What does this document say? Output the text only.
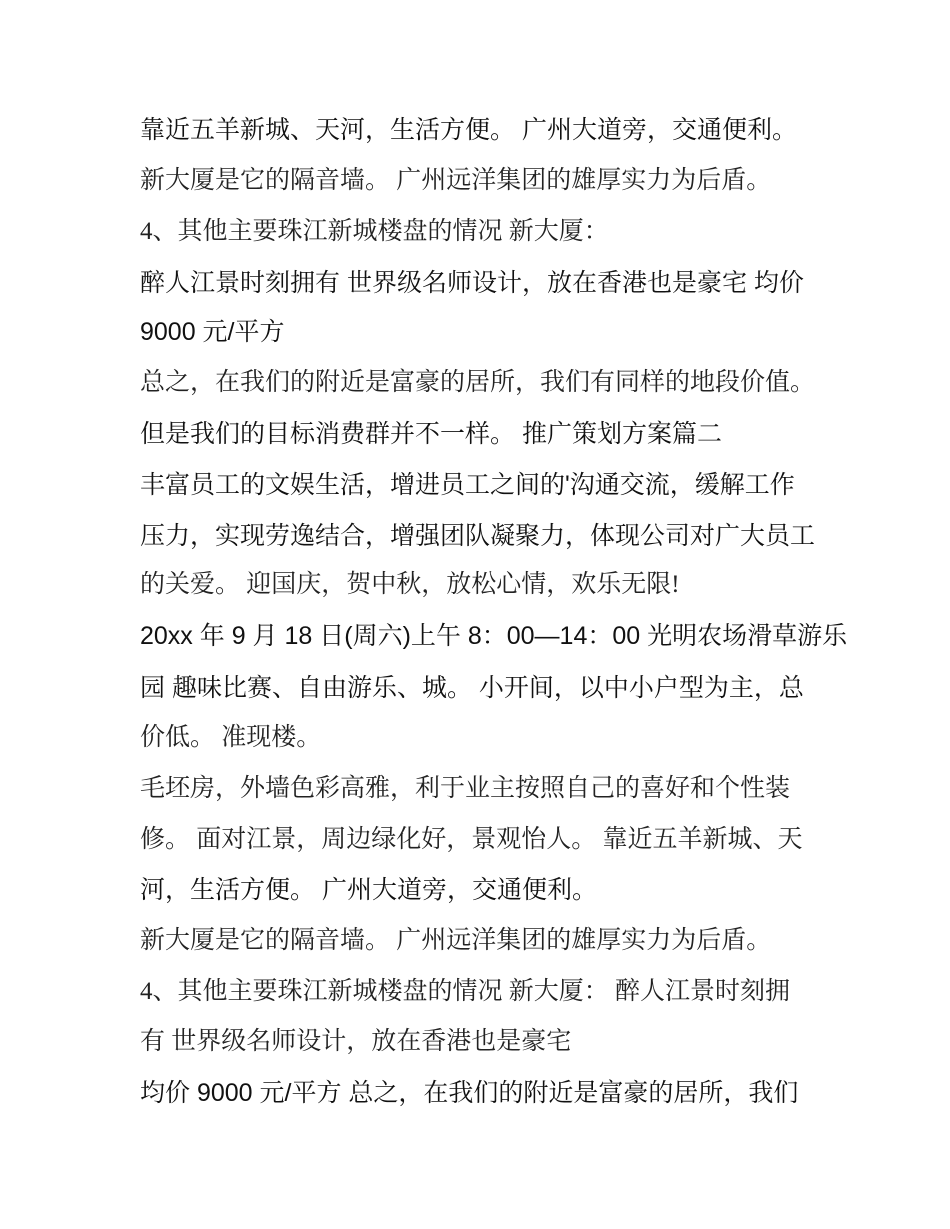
靠近五羊新城、天河，生活方便。 广州大道旁，交通便利。
新大厦是它的隔音墙。 广州远洋集团的雄厚实力为后盾。
4、其他主要珠江新城楼盘的情况 新大厦：
醉人江景时刻拥有 世界级名师设计，放在香港也是豪宅 均价
9000 元/平方
总之，在我们的附近是富豪的居所，我们有同样的地段价值。
但是我们的目标消费群并不一样。 推广策划方案篇二
丰富员工的文娱生活，增进员工之间的'沟通交流，缓解工作
压力，实现劳逸结合，增强团队凝聚力，体现公司对广大员工
的关爱。 迎国庆，贺中秋，放松心情，欢乐无限!
20xx 年 9 月 18 日(周六)上午 8：00—14：00 光明农场滑草游乐
园 趣味比赛、自由游乐、城。 小开间，以中小户型为主，总
价低。 准现楼。
毛坯房，外墙色彩高雅，利于业主按照自己的喜好和个性装
修。 面对江景，周边绿化好，景观怡人。 靠近五羊新城、天
河，生活方便。 广州大道旁，交通便利。
新大厦是它的隔音墙。 广州远洋集团的雄厚实力为后盾。
4、其他主要珠江新城楼盘的情况 新大厦： 醉人江景时刻拥
有 世界级名师设计，放在香港也是豪宅
均价 9000 元/平方 总之，在我们的附近是富豪的居所，我们
